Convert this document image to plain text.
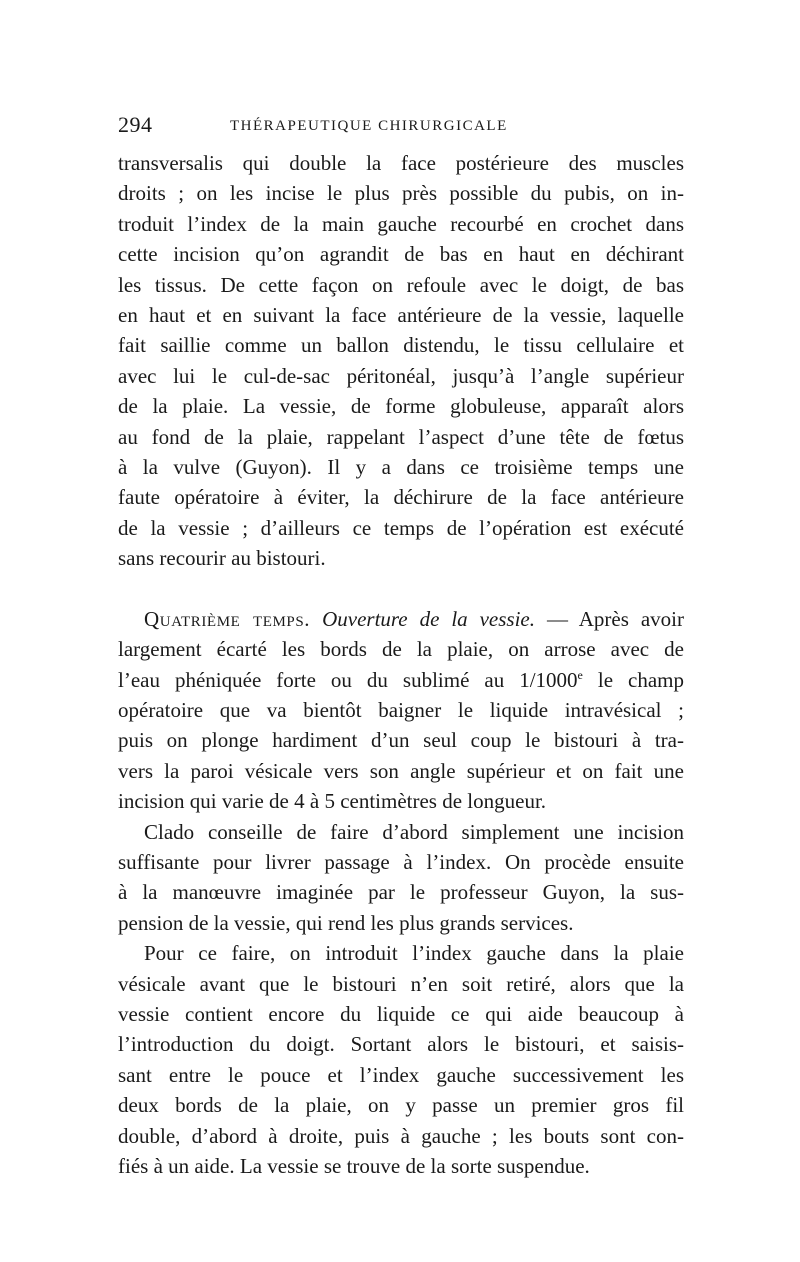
294	THÉRAPEUTIQUE CHIRURGICALE

transversalis qui double la face postérieure des muscles
droits ; on les incise le plus près possible du pubis, on in-
troduit l’index de la main gauche recourbé en crochet dans
cette incision qu’on agrandit de bas en haut en déchirant
les tissus. De cette façon on refoule avec le doigt, de bas
en haut et en suivant la face antérieure de la vessie, laquelle
fait saillie comme un ballon distendu, le tissu cellulaire et
avec lui le cul-de-sac péritonéal, jusqu’à l’angle supérieur
de la plaie. La vessie, de forme globuleuse, apparaît alors
au fond de la plaie, rappelant l’aspect d’une tête de fœtus
à la vulve (Guyon). Il y a dans ce troisième temps une
faute opératoire à éviter, la déchirure de la face antérieure
de la vessie ; d’ailleurs ce temps de l’opération est exécuté
sans recourir au bistouri.

Quatrième temps. Ouverture de la vessie. — Après avoir
largement écarté les bords de la plaie, on arrose avec de
l’eau phéniquée forte ou du sublimé au 1/1000e le champ
opératoire que va bientôt baigner le liquide intravésical ;
puis on plonge hardiment d’un seul coup le bistouri à tra-
vers la paroi vésicale vers son angle supérieur et on fait une
incision qui varie de 4 à 5 centimètres de longueur.

Clado conseille de faire d’abord simplement une incision
suffisante pour livrer passage à l’index. On procède ensuite
à la manœuvre imaginée par le professeur Guyon, la sus-
pension de la vessie, qui rend les plus grands services.

Pour ce faire, on introduit l’index gauche dans la plaie
vésicale avant que le bistouri n’en soit retiré, alors que la
vessie contient encore du liquide ce qui aide beaucoup à
l’introduction du doigt. Sortant alors le bistouri, et saisis-
sant entre le pouce et l’index gauche successivement les
deux bords de la plaie, on y passe un premier gros fil
double, d’abord à droite, puis à gauche ; les bouts sont con-
fiés à un aide. La vessie se trouve de la sorte suspendue.
